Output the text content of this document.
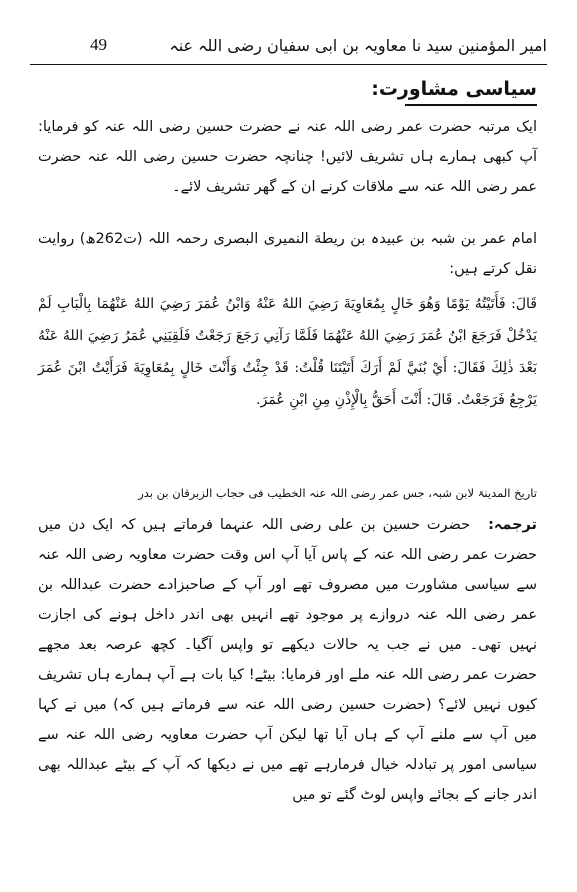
49	امیر المؤمنین سید نا معاویہ بن ابی سفیان رضی اللہ عنہ
سیاسی مشاورت:
ایک مرتبہ حضرت عمر رضی اللہ عنہ نے حضرت حسین رضی اللہ عنہ کو فرمایا: آپ کبھی ہمارے ہاں تشریف لائیں! چنانچہ حضرت حسین رضی اللہ عنہ حضرت عمر رضی اللہ عنہ سے ملاقات کرنے ان کے گھر تشریف لائے۔
امام عمر بن شبہ بن عبیدہ بن ریطة النمیری البصری رحمہ اللہ (ت262ھ) روایت نقل کرتے ہیں:
قَالَ: فَأَتَيْتُهُ يَوْمًا وَهُوَ خَالٍ بِمُعَاوِيَةَ رَضِيَ اللهُ عَنْهُ وَابْنُ عُمَرَ رَضِيَ اللهُ عَنْهُمَا بِالْبَابِ لَمْ يَدْخُلْ فَرَجَعَ ابْنُ عُمَرَ رَضِيَ اللهُ عَنْهُمَا فَلَمَّا رَآنِي رَجَعَ رَجَعْتُ فَلَقِيَنِي عُمَرُ رَضِيَ اللهُ عَنْهُ بَعْدَ ذٰلِكَ فَقَالَ: أَيْ بُنَيَّ لَمْ أَرَكَ أَتَيْتَنَا قُلْتُ: قَدْ جِئْتُ وَأَنْتَ خَالٍ بِمُعَاوِيَةَ فَرَأَيْتُ ابْنَ عُمَرَ يَرْجِعُ فَرَجَعْتُ. قَالَ: أَنْتَ أَحَقُّ بِالْإِذْنِ مِنِ ابْنِ عُمَرَ.
تاریخ المدینۃ لابن شبہ، جس عمر رضی اللہ عنہ الخطیب فی حجاب الزبرقان بن بدر
ترجمہ:حضرت حسین بن علی رضی اللہ عنہما فرماتے ہیں کہ ایک دن میں حضرت عمر رضی اللہ عنہ کے پاس آیا آپ اس وقت حضرت معاویہ رضی اللہ عنہ سے سیاسی مشاورت میں مصروف تھے اور آپ کے صاحبزادے حضرت عبداللہ بن عمر رضی اللہ عنہ دروازے پر موجود تھے انہیں بھی اندر داخل ہونے کی اجازت نہیں تھی۔ میں نے جب یہ حالات دیکھے تو واپس آگیا۔ کچھ عرصہ بعد مجھے حضرت عمر رضی اللہ عنہ ملے اور فرمایا: بیٹے! کیا بات ہے آپ ہمارے ہاں تشریف کیوں نہیں لائے؟ (حضرت حسین رضی اللہ عنہ سے فرماتے ہیں کہ) میں نے کہا میں آپ سے ملنے آپ کے ہاں آیا تھا لیکن آپ حضرت معاویہ رضی اللہ عنہ سے سیاسی امور پر تبادلہ خیال فرمارہے تھے میں نے دیکھا کہ آپ کے بیٹے عبداللہ بھی اندر جانے کے بجائے واپس لوٹ گئے تو میں
